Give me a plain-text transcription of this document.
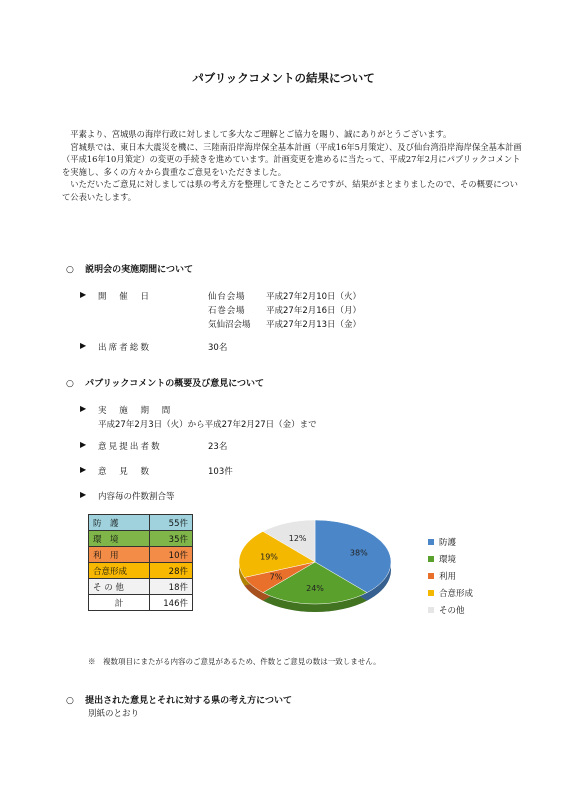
パブリックコメントの結果について

平素より、宮城県の海岸行政に対しまして多大なご理解とご協力を賜り、誠にありがとうございます。

宮城県では、東日本大震災を機に、三陸南沿岸海岸保全基本計画（平成16年5月策定）、及び仙台湾沿岸海岸保全基本計画（平成16年10月策定）の変更の手続きを進めています。計画変更を進めるに当たって、平成27年2月にパブリックコメントを実施し、多くの方々から貴重なご意見をいただきました。

いただいたご意見に対しましては県の考え方を整理してきたところですが、結果がまとまりましたので、その概要について公表いたします。

○ 説明会の実施期間について
▶ 開　催　日	仙台会場 平成27年2月10日（火）
石巻会場 平成27年2月16日（月）
気仙沼会場 平成27年2月13日（金）
▶ 出席者総数	30名
○ パブリックコメントの概要及び意見について
▶ 実　施　期　間
平成27年2月3日（火）から平成27年2月27日（金）まで
▶ 意見提出者数	23名
▶ 意　見　数	103件
▶ 内容毎の件数割合等
防　護	55件
環　境	35件
利　用	10件
合意形成	28件
そ の 他	18件
計	146件
38%
24%
7%
19%
12%	防護
環境
利用
合意形成
その他
※　複数項目にまたがる内容のご意見があるため、件数とご意見の数は一致しません。
○ 提出された意見とそれに対する県の考え方について
別紙のとおり
